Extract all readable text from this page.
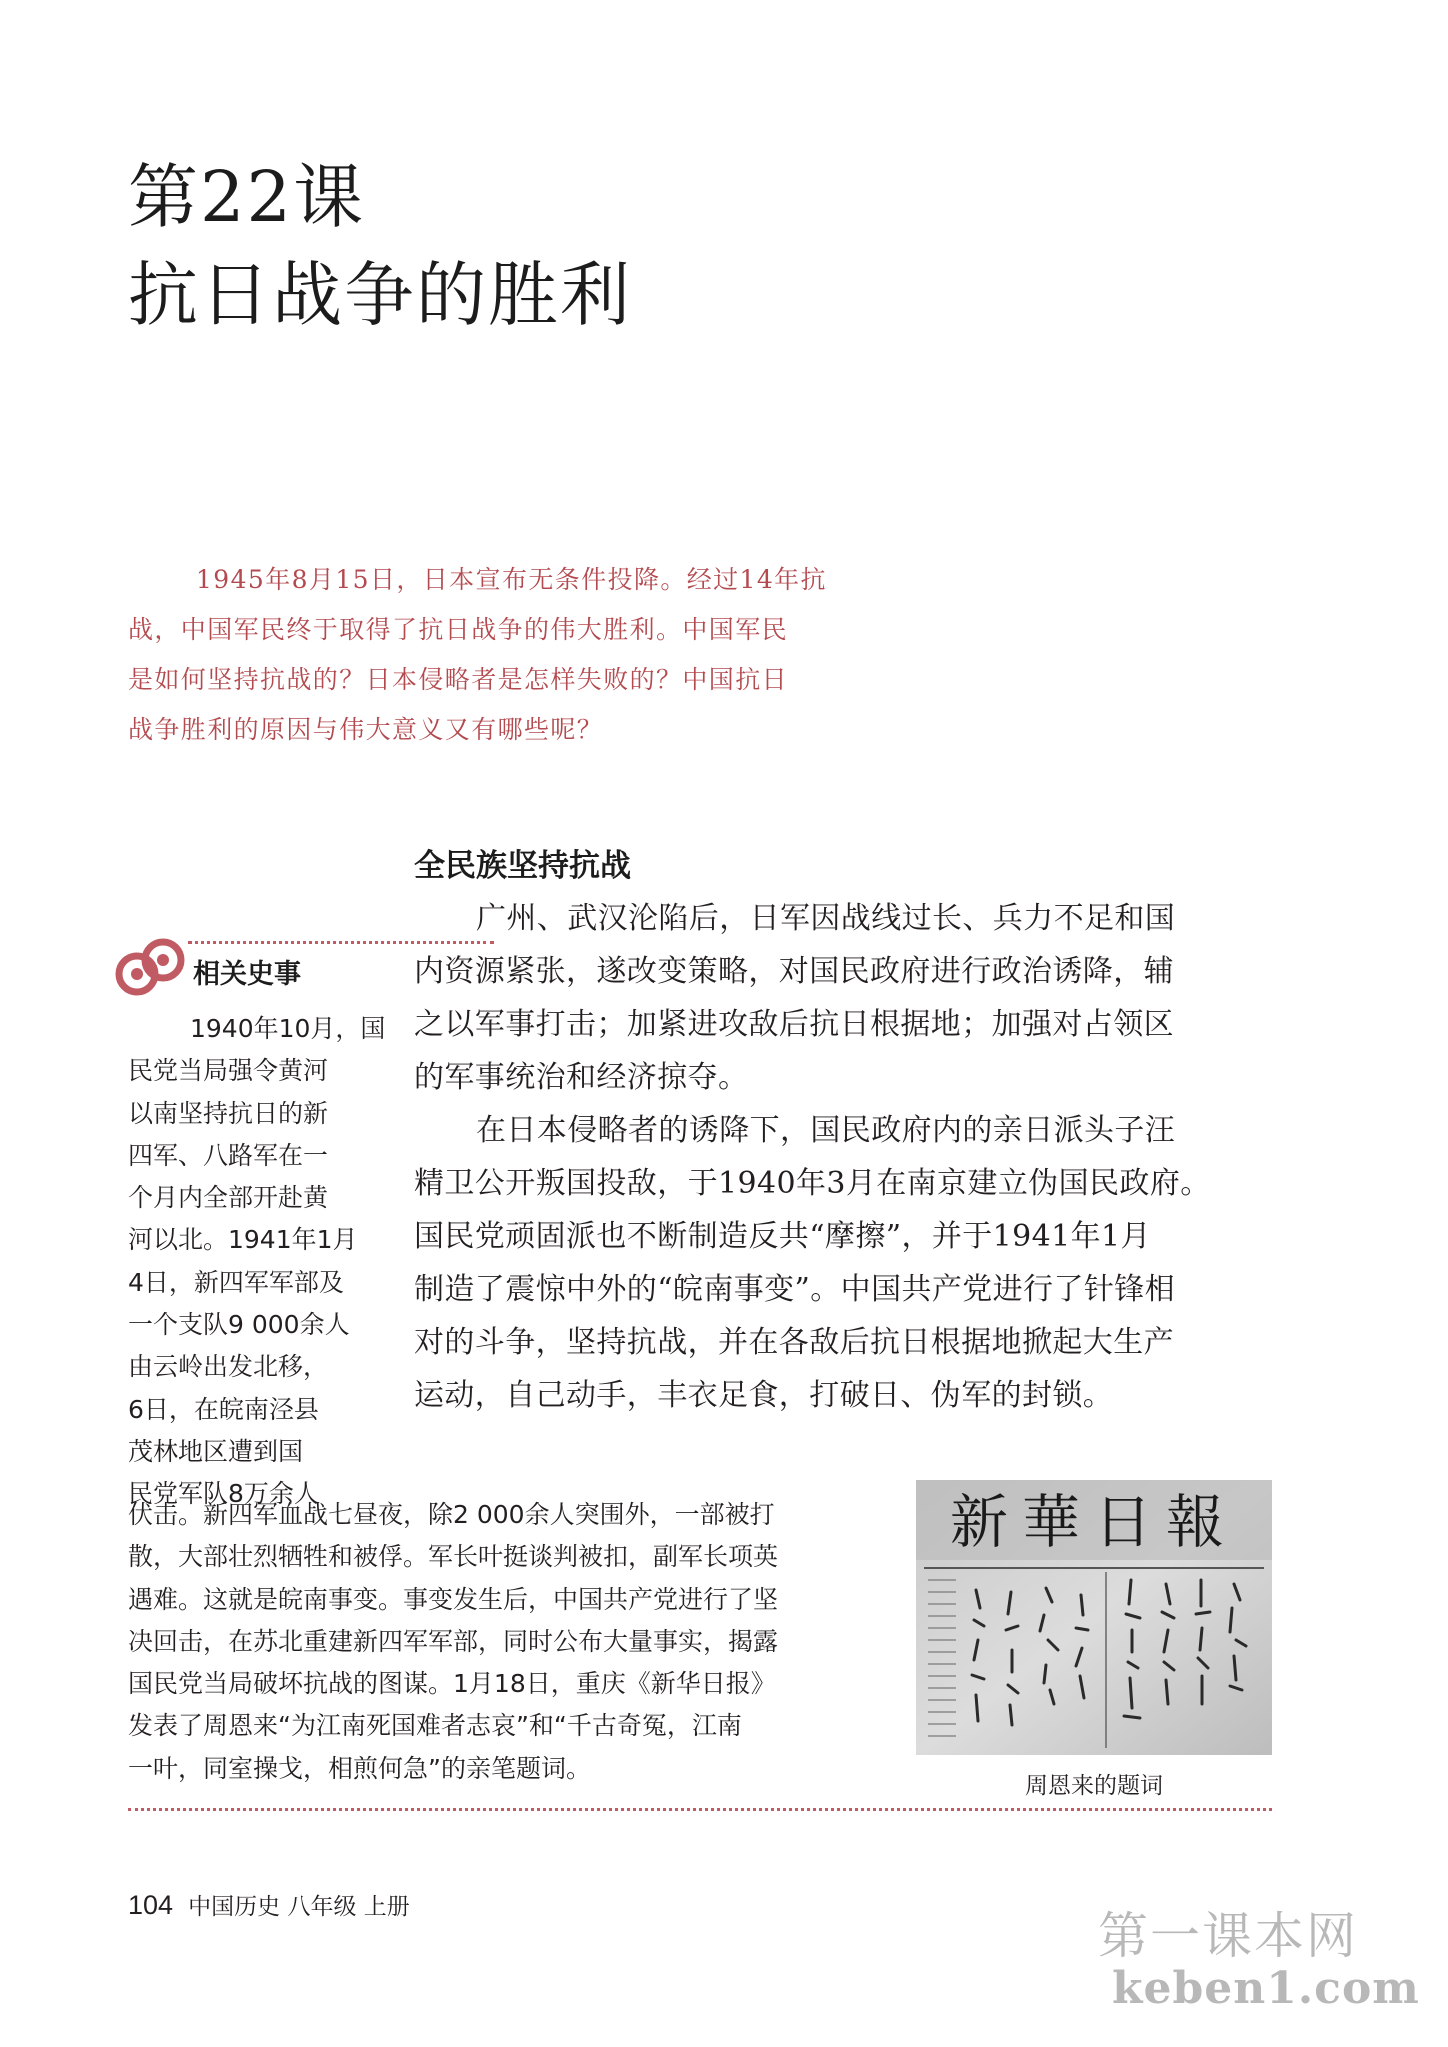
第22课
抗日战争的胜利
1945年8月15日，日本宣布无条件投降。经过14年抗
战，中国军民终于取得了抗日战争的伟大胜利。中国军民
是如何坚持抗战的？日本侵略者是怎样失败的？中国抗日
战争胜利的原因与伟大意义又有哪些呢？
全民族坚持抗战
广州、武汉沦陷后，日军因战线过长、兵力不足和国
内资源紧张，遂改变策略，对国民政府进行政治诱降，辅
之以军事打击；加紧进攻敌后抗日根据地；加强对占领区
的军事统治和经济掠夺。
在日本侵略者的诱降下，国民政府内的亲日派头子汪
精卫公开叛国投敌，于1940年3月在南京建立伪国民政府。
国民党顽固派也不断制造反共“摩擦”，并于1941年1月
制造了震惊中外的“皖南事变”。中国共产党进行了针锋相
对的斗争，坚持抗战，并在各敌后抗日根据地掀起大生产
运动，自己动手，丰衣足食，打破日、伪军的封锁。
相关史事
1940年10月，国
民党当局强令黄河
以南坚持抗日的新
四军、八路军在一
个月内全部开赴黄
河以北。1941年1月
4日，新四军军部及
一个支队9 000余人
由云岭出发北移，
6日，在皖南泾县
茂林地区遭到国
民党军队8万余人
伏击。新四军血战七昼夜，除2 000余人突围外，一部被打
散，大部壮烈牺牲和被俘。军长叶挺谈判被扣，副军长项英
遇难。这就是皖南事变。事变发生后，中国共产党进行了坚
决回击，在苏北重建新四军军部，同时公布大量事实，揭露
国民党当局破坏抗战的图谋。1月18日，重庆《新华日报》
发表了周恩来“为江南死国难者志哀”和“千古奇冤，江南
一叶，同室操戈，相煎何急”的亲笔题词。
新華日報
周恩来的题词
104 中国历史 八年级 上册	第一课本网
keben1.com
